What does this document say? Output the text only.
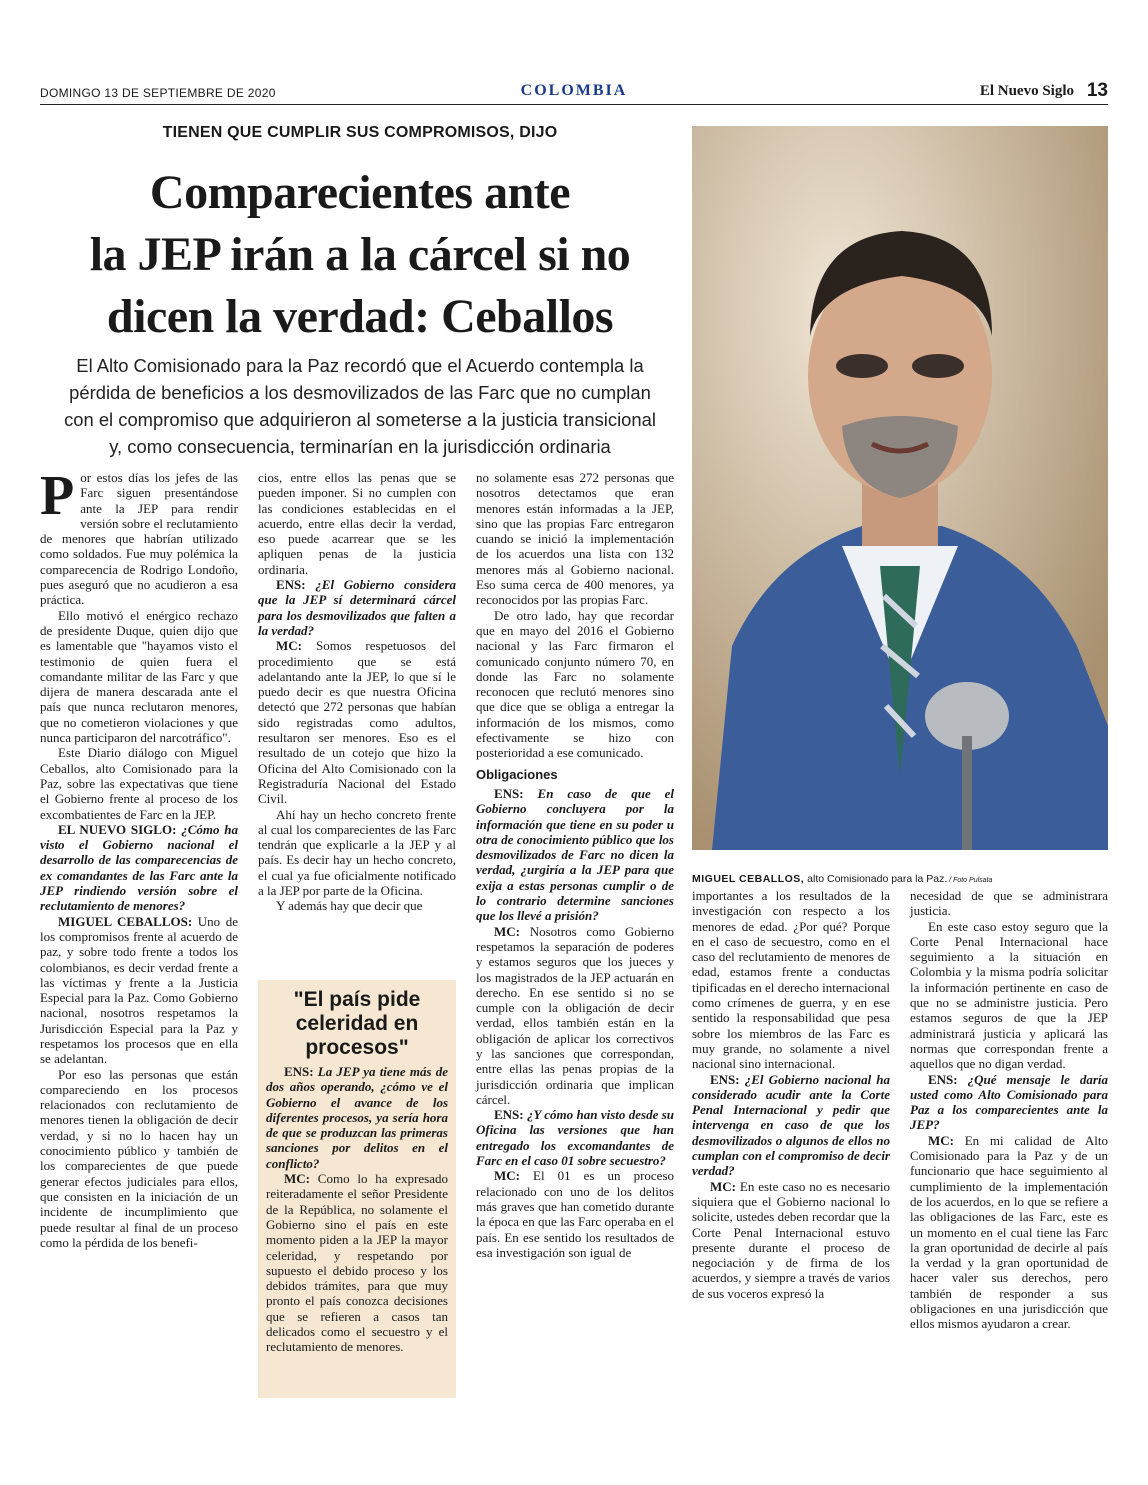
DOMINGO 13 DE SEPTIEMBRE DE 2020	COLOMBIA	El Nuevo Siglo 13
TIENEN QUE CUMPLIR SUS COMPROMISOS, DIJO
Comparecientes ante
la JEP irán a la cárcel si no
dicen la verdad: Ceballos
El Alto Comisionado para la Paz recordó que el Acuerdo contempla la
pérdida de beneficios a los desmovilizados de las Farc que no cumplan
con el compromiso que adquirieron al someterse a la justicia transicional
y, como consecuencia, terminarían en la jurisdicción ordinaria
MIGUEL CEBALLOS, alto Comisionado para la Paz. / Foto Pulsata

Por estos días los jefes de las Farc siguen presentándose ante la JEP para rendir versión sobre el reclutamiento de menores que habrían utilizado como soldados. Fue muy polémica la comparecencia de Rodrigo Londoño, pues aseguró que no acudieron a esa práctica.

Ello motivó el enérgico rechazo de presidente Duque, quien dijo que es lamentable que "hayamos visto el testimonio de quien fuera el comandante militar de las Farc y que dijera de manera descarada ante el país que nunca reclutaron menores, que no cometieron violaciones y que nunca participaron del narcotráfico".

Este Diario diálogo con Miguel Ceballos, alto Comisionado para la Paz, sobre las expectativas que tiene el Gobierno frente al proceso de los excombatientes de Farc en la JEP.

EL NUEVO SIGLO: ¿Cómo ha visto el Gobierno nacional el desarrollo de las comparecencias de ex comandantes de las Farc ante la JEP rindiendo versión sobre el reclutamiento de menores?

MIGUEL CEBALLOS: Uno de los compromisos frente al acuerdo de paz, y sobre todo frente a todos los colombianos, es decir verdad frente a las víctimas y frente a la Justicia Especial para la Paz. Como Gobierno nacional, nosotros respetamos la Jurisdicción Especial para la Paz y respetamos los procesos que en ella se adelantan.

Por eso las personas que están compareciendo en los procesos relacionados con reclutamiento de menores tienen la obligación de decir verdad, y si no lo hacen hay un conocimiento público y también de los comparecientes de que puede generar efectos judiciales para ellos, que consisten en la iniciación de un incidente de incumplimiento que puede resultar al final de un proceso como la pérdida de los benefi-

cios, entre ellos las penas que se pueden imponer. Si no cumplen con las condiciones establecidas en el acuerdo, entre ellas decir la verdad, eso puede acarrear que se les apliquen penas de la justicia ordinaria.

ENS: ¿El Gobierno considera que la JEP sí determinará cárcel para los desmovilizados que falten a la verdad?

MC: Somos respetuosos del procedimiento que se está adelantando ante la JEP, lo que sí le puedo decir es que nuestra Oficina detectó que 272 personas que habían sido registradas como adultos, resultaron ser menores. Eso es el resultado de un cotejo que hizo la Oficina del Alto Comisionado con la Registraduría Nacional del Estado Civil.

Ahí hay un hecho concreto frente al cual los comparecientes de las Farc tendrán que explicarle a la JEP y al país. Es decir hay un hecho concreto, el cual ya fue oficialmente notificado a la JEP por parte de la Oficina.

Y además hay que decir que

"El país pide celeridad en procesos"

ENS: La JEP ya tiene más de dos años operando, ¿cómo ve el Gobierno el avance de los diferentes procesos, ya sería hora de que se produzcan las primeras sanciones por delitos en el conflicto?

MC: Como lo ha expresado reiteradamente el señor Presidente de la República, no solamente el Gobierno sino el país en este momento piden a la JEP la mayor celeridad, y respetando por supuesto el debido proceso y los debidos trámites, para que muy pronto el país conozca decisiones que se refieren a casos tan delicados como el secuestro y el reclutamiento de menores.

no solamente esas 272 personas que nosotros detectamos que eran menores están informadas a la JEP, sino que las propias Farc entregaron cuando se inició la implementación de los acuerdos una lista con 132 menores más al Gobierno nacional. Eso suma cerca de 400 menores, ya reconocidos por las propias Farc.

De otro lado, hay que recordar que en mayo del 2016 el Gobierno nacional y las Farc firmaron el comunicado conjunto número 70, en donde las Farc no solamente reconocen que reclutó menores sino que dice que se obliga a entregar la información de los mismos, como efectivamente se hizo con posterioridad a ese comunicado.

Obligaciones

ENS: En caso de que el Gobierno concluyera por la información que tiene en su poder u otra de conocimiento público que los desmovilizados de Farc no dicen la verdad, ¿urgiría a la JEP para que exija a estas personas cumplir o de lo contrario determine sanciones que los llevé a prisión?

MC: Nosotros como Gobierno respetamos la separación de poderes y estamos seguros que los jueces y los magistrados de la JEP actuarán en derecho. En ese sentido si no se cumple con la obligación de decir verdad, ellos también están en la obligación de aplicar los correctivos y las sanciones que correspondan, entre ellas las penas propias de la jurisdicción ordinaria que implican cárcel.

ENS: ¿Y cómo han visto desde su Oficina las versiones que han entregado los excomandantes de Farc en el caso 01 sobre secuestro?

MC: El 01 es un proceso relacionado con uno de los delitos más graves que han cometido durante la época en que las Farc operaba en el país. En ese sentido los resultados de esa investigación son igual de

importantes a los resultados de la investigación con respecto a los menores de edad. ¿Por qué? Porque en el caso de secuestro, como en el caso del reclutamiento de menores de edad, estamos frente a conductas tipificadas en el derecho internacional como crímenes de guerra, y en ese sentido la responsabilidad que pesa sobre los miembros de las Farc es muy grande, no solamente a nivel nacional sino internacional.

ENS: ¿El Gobierno nacional ha considerado acudir ante la Corte Penal Internacional y pedir que intervenga en caso de que los desmovilizados o algunos de ellos no cumplan con el compromiso de decir verdad?

MC: En este caso no es necesario siquiera que el Gobierno nacional lo solicite, ustedes deben recordar que la Corte Penal Internacional estuvo presente durante el proceso de negociación y de firma de los acuerdos, y siempre a través de varios de sus voceros expresó la

necesidad de que se administrara justicia.

En este caso estoy seguro que la Corte Penal Internacional hace seguimiento a la situación en Colombia y la misma podría solicitar la información pertinente en caso de que no se administre justicia. Pero estamos seguros de que la JEP administrará justicia y aplicará las normas que correspondan frente a aquellos que no digan verdad.

ENS: ¿Qué mensaje le daría usted como Alto Comisionado para Paz a los comparecientes ante la JEP?

MC: En mi calidad de Alto Comisionado para la Paz y de un funcionario que hace seguimiento al cumplimiento de la implementación de los acuerdos, en lo que se refiere a las obligaciones de las Farc, este es un momento en el cual tiene las Farc la gran oportunidad de decirle al país la verdad y la gran oportunidad de hacer valer sus derechos, pero también de responder a sus obligaciones en una jurisdicción que ellos mismos ayudaron a crear.
